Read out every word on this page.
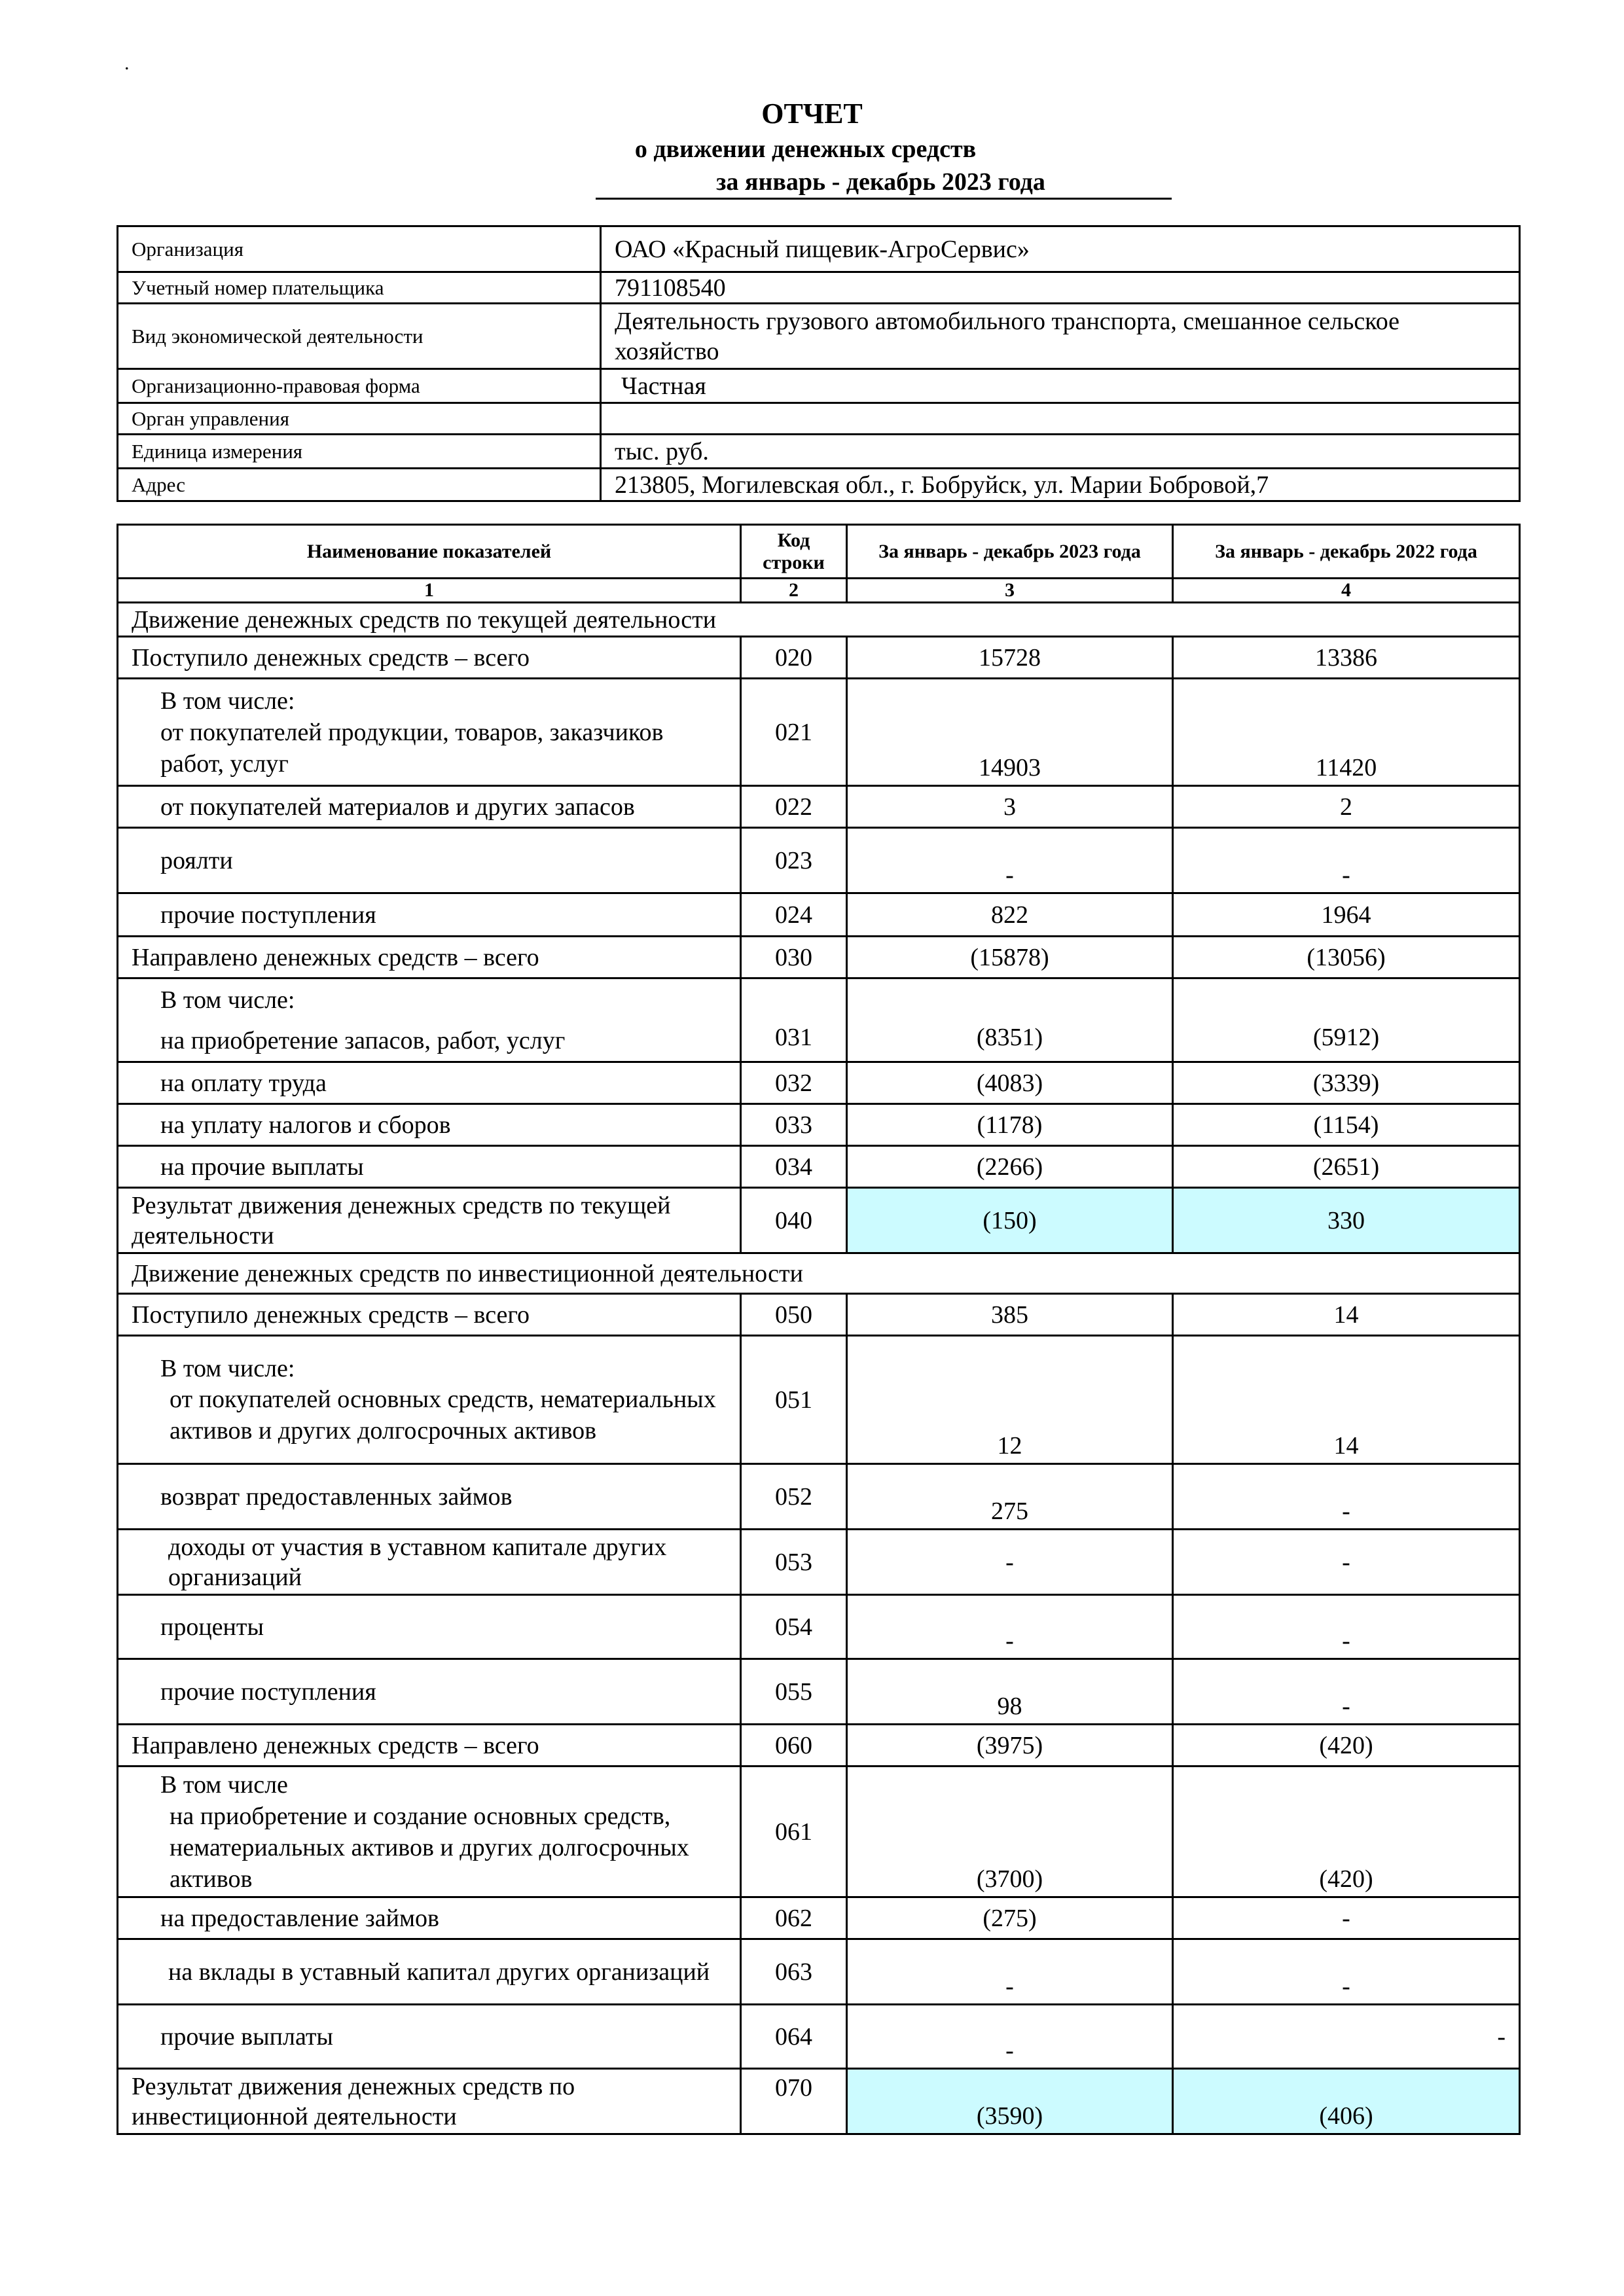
.
ОТЧЕТ
о движении денежных средств
за январь - декабрь 2023 года
Организация	ОАО «Красный пищевик-АгроСервис»
Учетный номер плательщика	791108540
Вид экономической деятельности	Деятельность грузового автомобильного транспорта, смешанное сельское хозяйство
Организационно-правовая форма	Частная
Орган управления	
Единица измерения	тыс. руб.
Адрес	213805, Могилевская обл., г. Бобруйск, ул. Марии Бобровой,7
Наименование показателей	Код строки	За январь - декабрь 2023 года	За январь - декабрь 2022 года
1	2	3	4
Движение денежных средств по текущей деятельности			
Поступило денежных средств – всего	020	15728	13386

В том числе:
от покупателей продукции, товаров, заказчиков работ, услуг	021	14903	11420
от покупателей материалов и других запасов	022	3	2
роялти	023	-	-
прочие поступления	024	822	1964
Направлено денежных средств – всего	030	(15878)	(13056)

В том числе:
на приобретение запасов, работ, услуг	031	(8351)	(5912)
на оплату труда	032	(4083)	(3339)
на уплату налогов и сборов	033	(1178)	(1154)
на прочие выплаты	034	(2266)	(2651)
Результат движения денежных средств по текущей деятельности	040	(150)	330
Движение денежных средств по инвестиционной деятельности			
Поступило денежных средств – всего	050	385	14

В том числе:
от покупателей основных средств, нематериальных активов и других долгосрочных активов	051	12	14
возврат предоставленных займов	052	275	-
доходы от участия в уставном капитале других организаций	053	-	-
проценты	054	-	-
прочие поступления	055	98	-
Направлено денежных средств – всего	060	(3975)	(420)

В том числе
на приобретение и создание основных средств, нематериальных активов и других долгосрочных активов	061	(3700)	(420)
на предоставление займов	062	(275)	-
на вклады в уставный капитал других организаций	063	-	-
прочие выплаты	064	-	-
Результат движения денежных средств по инвестиционной деятельности	070	(3590)	(406)
